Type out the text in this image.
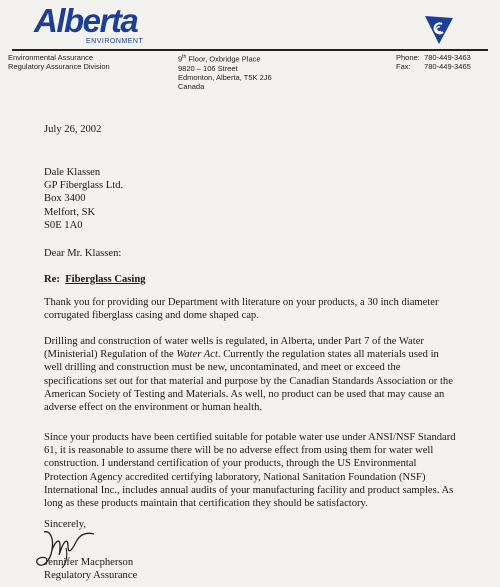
Alberta
ENVIRONMENT
Environmental Assurance
Regulatory Assurance Division
9th Floor, Oxbridge Place
9820 – 106 Street
Edmonton, Alberta, T5K 2J6
Canada
Phone: 780-449-3463
Fax: 780-449-3465
July 26, 2002
Dale Klassen
GP Fiberglass Ltd.
Box 3400
Melfort, SK
S0E 1A0
Dear Mr. Klassen:
Re: Fiberglass Casing
Thank you for providing our Department with literature on your products, a 30 inch diameter
corrugated fiberglass casing and dome shaped cap.
Drilling and construction of water wells is regulated, in Alberta, under Part 7 of the Water
(Ministerial) Regulation of the Water Act. Currently the regulation states all materials used in
well drilling and construction must be new, uncontaminated, and meet or exceed the
specifications set out for that material and purpose by the Canadian Standards Association or the
American Society of Testing and Materials. As well, no product can be used that may cause an
adverse effect on the environment or human health.
Since your products have been certified suitable for potable water use under ANSI/NSF Standard
61, it is reasonable to assume there will be no adverse effect from using them for water well
construction. I understand certification of your products, through the US Environmental
Protection Agency accredited certifying laboratory, National Sanitation Foundation (NSF)
International Inc., includes annual audits of your manufacturing facility and product samples. As
long as these products maintain that certification they should be satisfactory.
Sincerely,
Jennifer Macpherson
Regulatory Assurance
